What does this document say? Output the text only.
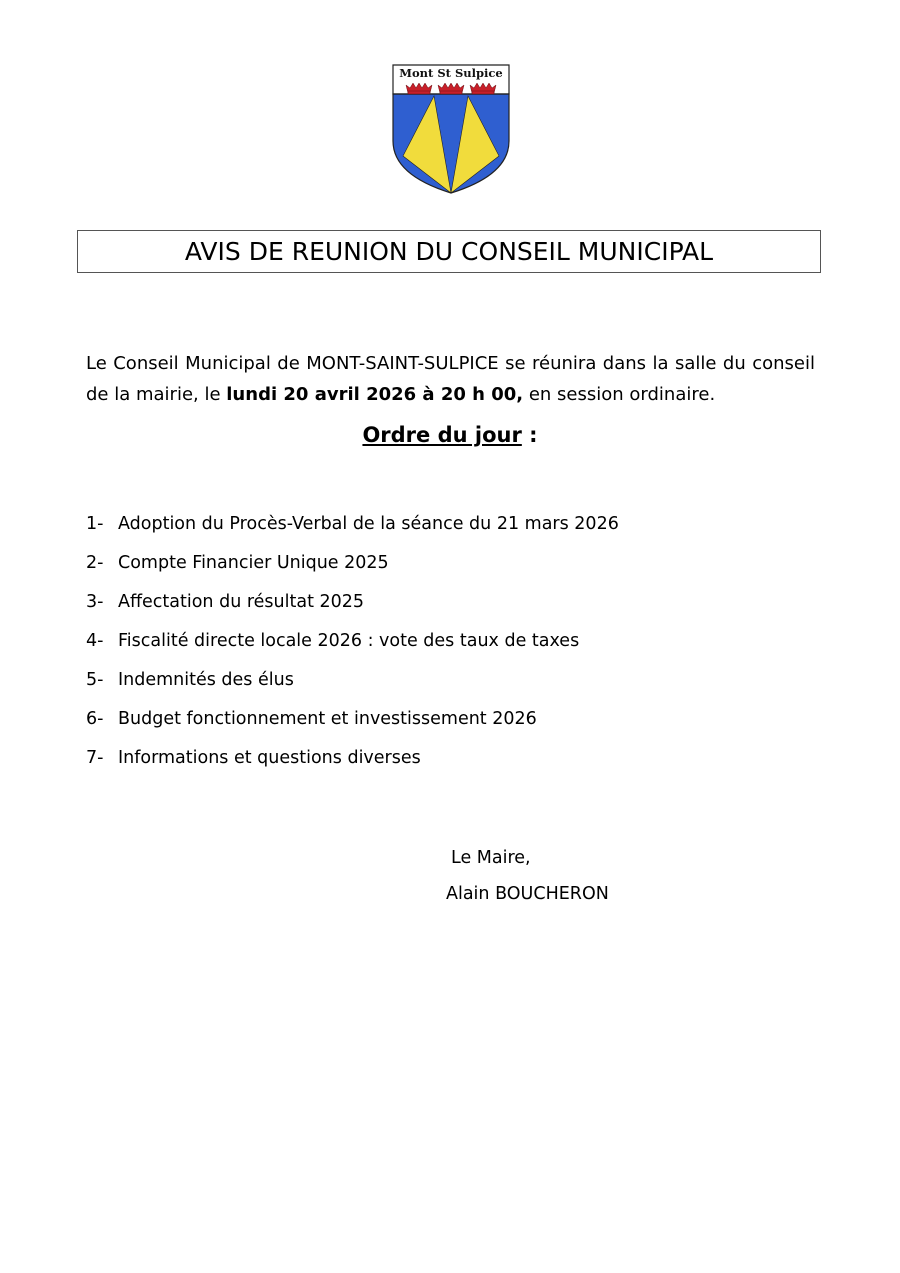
Mont St Sulpice
AVIS DE REUNION DU CONSEIL MUNICIPAL

Le Conseil Municipal de MONT-SAINT-SULPICE se réunira dans la salle du conseil de la mairie, le lundi 20 avril 2026 à 20 h 00, en session ordinaire.

Ordre du jour :
1- Adoption du Procès-Verbal de la séance du 21 mars 2026
2- Compte Financier Unique 2025
3- Affectation du résultat 2025
4- Fiscalité directe locale 2026 : vote des taux de taxes
5- Indemnités des élus
6- Budget fonctionnement et investissement 2026
7- Informations et questions diverses
Le Maire,
Alain BOUCHERON
